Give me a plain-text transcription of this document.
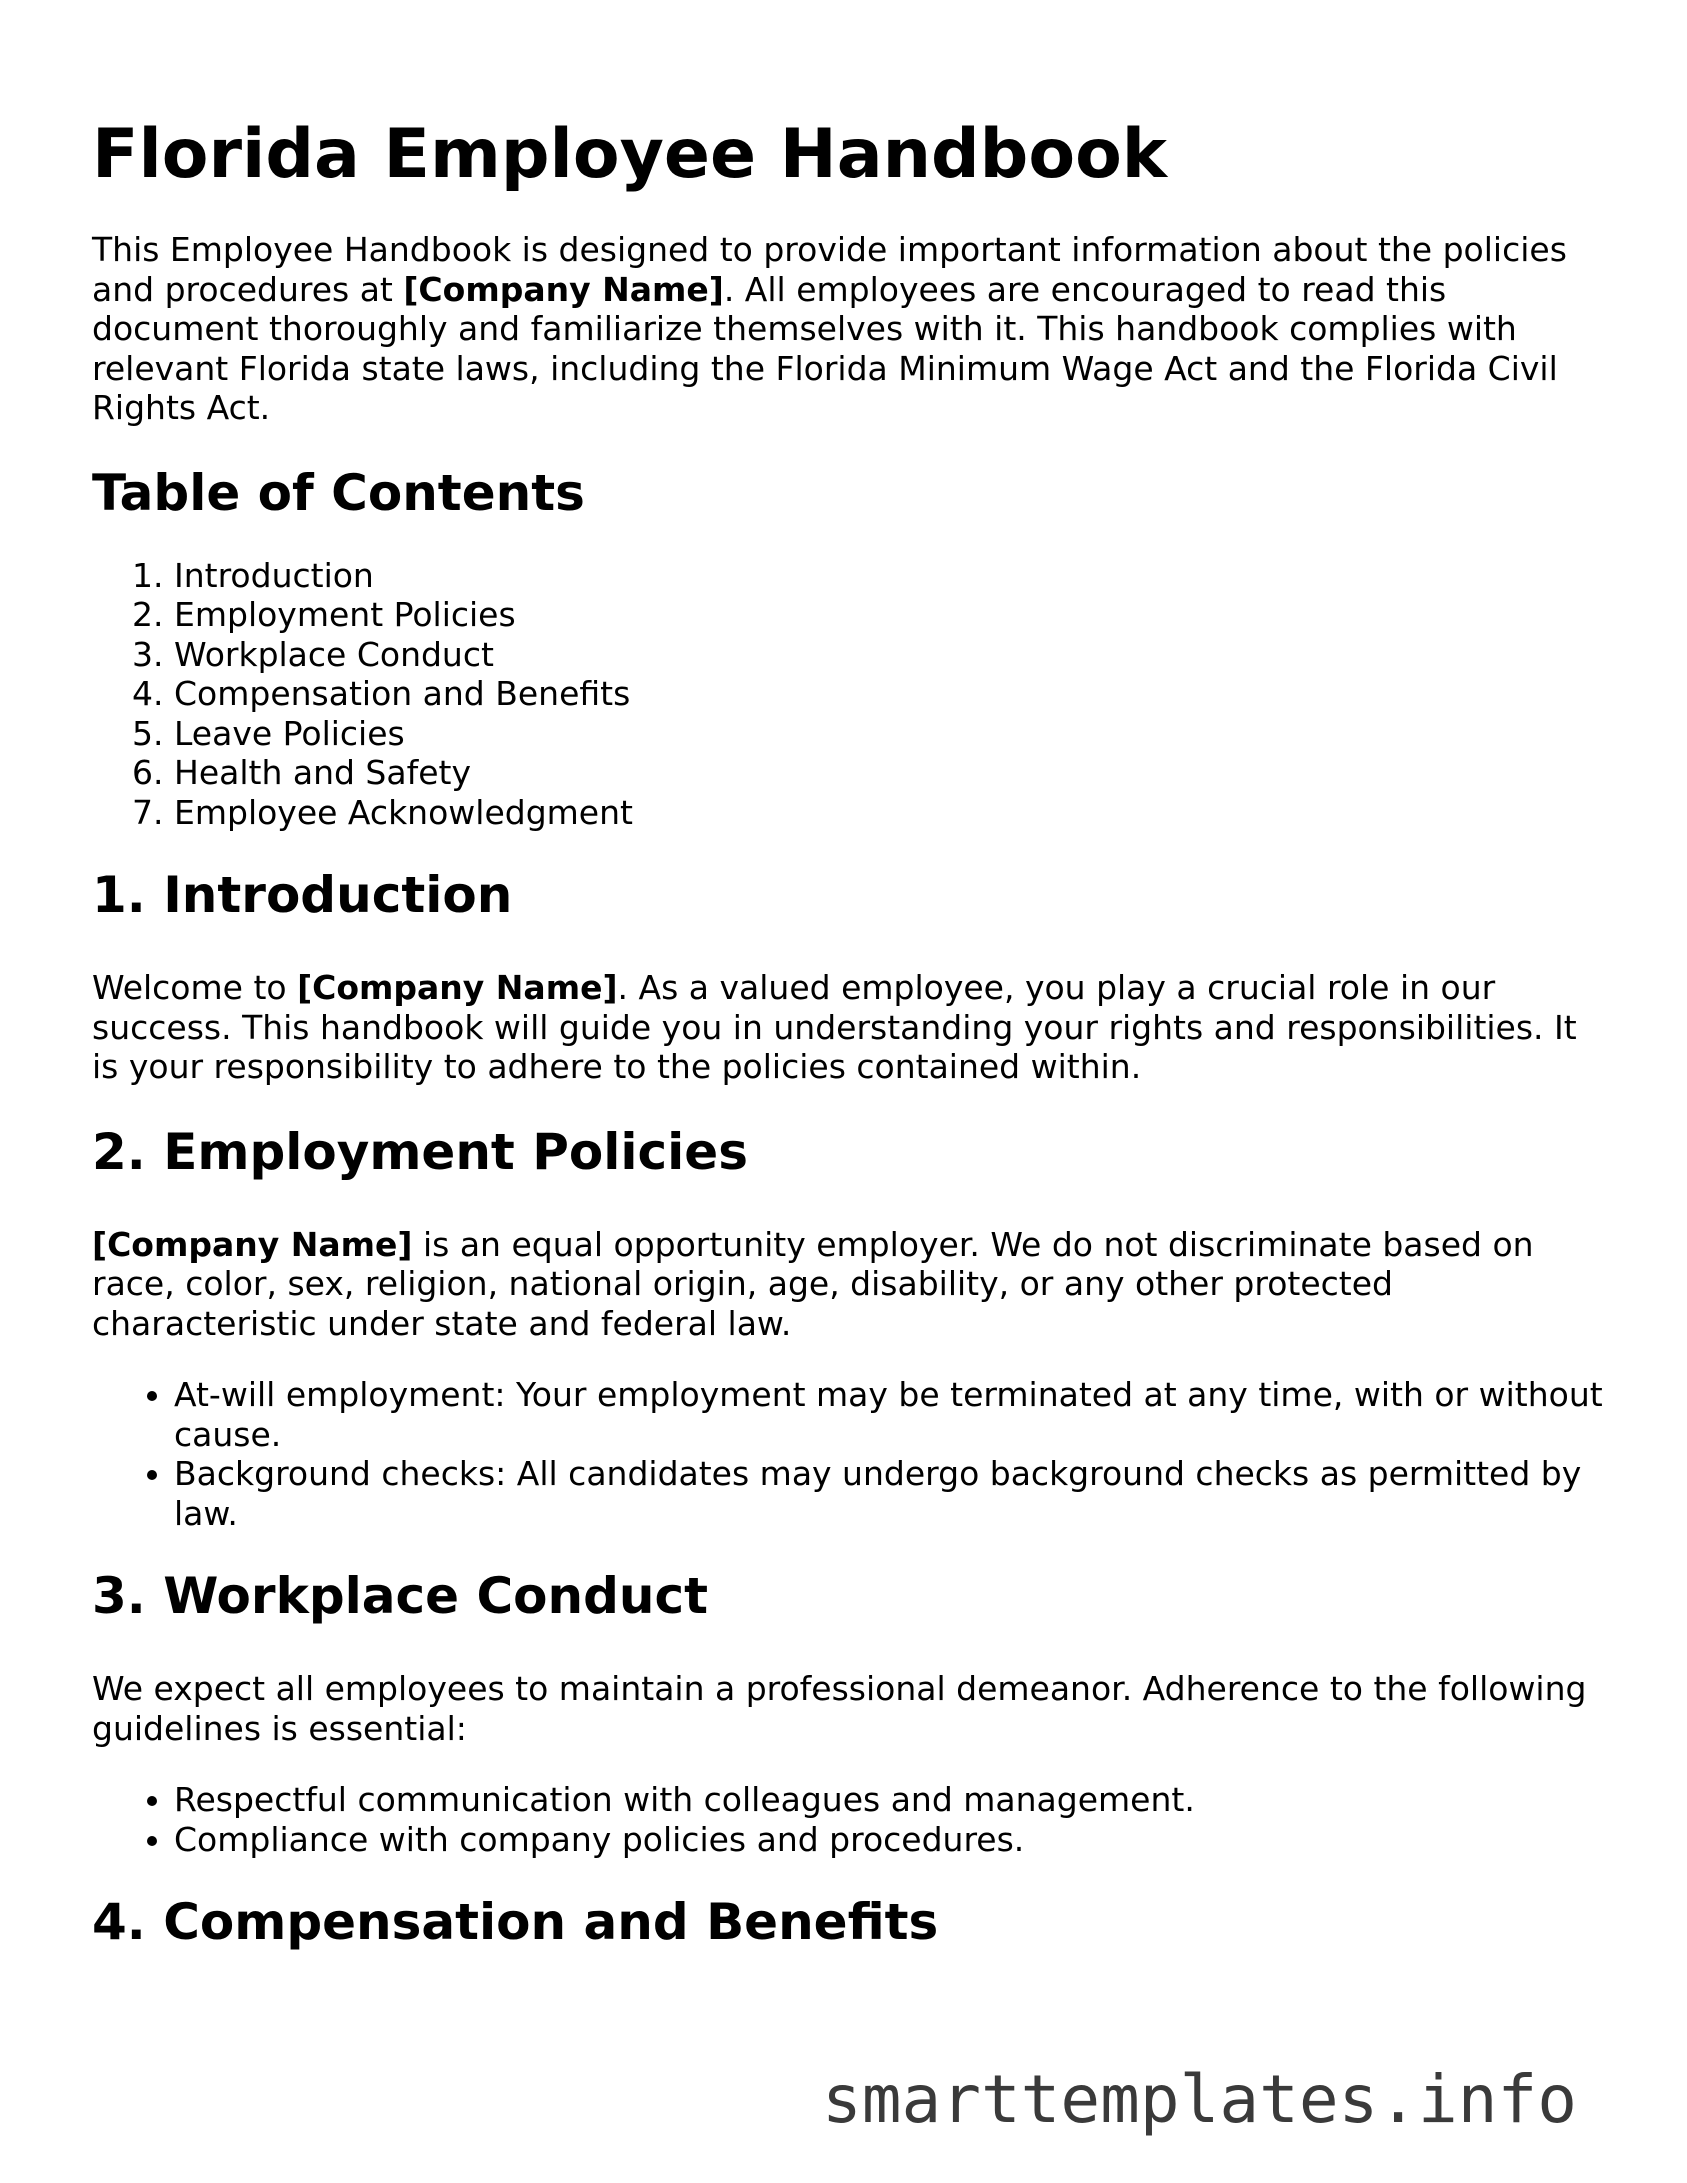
Florida Employee Handbook

This Employee Handbook is designed to provide important information about the policies and procedures at [Company Name]. All employees are encouraged to read this document thoroughly and familiarize themselves with it. This handbook complies with relevant Florida state laws, including the Florida Minimum Wage Act and the Florida Civil Rights Act.

Table of Contents
1. Introduction
2. Employment Policies
3. Workplace Conduct
4. Compensation and Benefits
5. Leave Policies
6. Health and Safety
7. Employee Acknowledgment
1. Introduction

Welcome to [Company Name]. As a valued employee, you play a crucial role in our success. This handbook will guide you in understanding your rights and responsibilities. It is your responsibility to adhere to the policies contained within.

2. Employment Policies

[Company Name] is an equal opportunity employer. We do not discriminate based on race, color, sex, religion, national origin, age, disability, or any other protected characteristic under state and federal law.

• At-will employment: Your employment may be terminated at any time, with or without cause.
• Background checks: All candidates may undergo background checks as permitted by law.
3. Workplace Conduct

We expect all employees to maintain a professional demeanor. Adherence to the following guidelines is essential:

• Respectful communication with colleagues and management.
• Compliance with company policies and procedures.
4. Compensation and Benefits
smarttemplates.info
